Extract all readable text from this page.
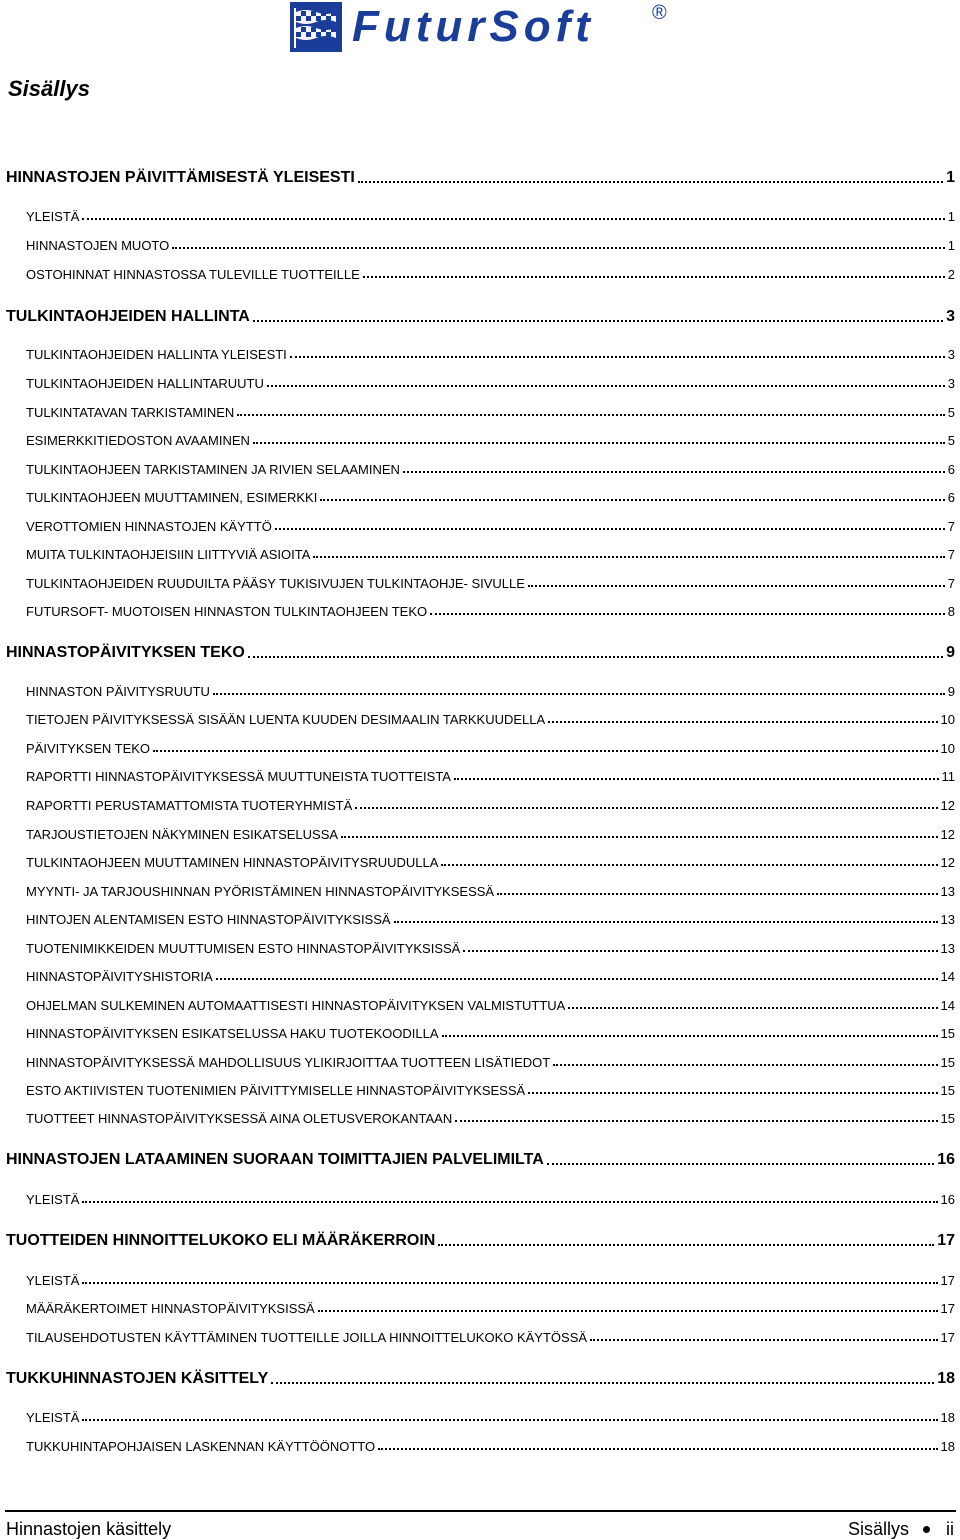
FuturSoft	®
Sisällys
HINNASTOJEN PÄIVITTÄMISESTÄ YLEISESTI	1
YLEISTÄ	1
HINNASTOJEN MUOTO	1
OSTOHINNAT HINNASTOSSA TULEVILLE TUOTTEILLE	2
TULKINTAOHJEIDEN HALLINTA	3
TULKINTAOHJEIDEN HALLINTA YLEISESTI	3
TULKINTAOHJEIDEN HALLINTARUUTU	3
TULKINTATAVAN TARKISTAMINEN	5
ESIMERKKITIEDOSTON AVAAMINEN	5
TULKINTAOHJEEN TARKISTAMINEN JA RIVIEN SELAAMINEN	6
TULKINTAOHJEEN MUUTTAMINEN, ESIMERKKI	6
VEROTTOMIEN HINNASTOJEN KÄYTTÖ	7
MUITA TULKINTAOHJEISIIN LIITTYVIÄ ASIOITA	7
TULKINTAOHJEIDEN RUUDUILTA PÄÄSY TUKISIVUJEN TULKINTAOHJE- SIVULLE	7
FUTURSOFT- MUOTOISEN HINNASTON TULKINTAOHJEEN TEKO	8
HINNASTOPÄIVITYKSEN TEKO	9
HINNASTON PÄIVITYSRUUTU	9
TIETOJEN PÄIVITYKSESSÄ SISÄÄN LUENTA KUUDEN DESIMAALIN TARKKUUDELLA	10
PÄIVITYKSEN TEKO	10
RAPORTTI HINNASTOPÄIVITYKSESSÄ MUUTTUNEISTA TUOTTEISTA	11
RAPORTTI PERUSTAMATTOMISTA TUOTERYHMISTÄ	12
TARJOUSTIETOJEN NÄKYMINEN ESIKATSELUSSA	12
TULKINTAOHJEEN MUUTTAMINEN HINNASTOPÄIVITYSRUUDULLA	12
MYYNTI- JA TARJOUSHINNAN PYÖRISTÄMINEN HINNASTOPÄIVITYKSESSÄ	13
HINTOJEN ALENTAMISEN ESTO HINNASTOPÄIVITYKSISSÄ	13
TUOTENIMIKKEIDEN MUUTTUMISEN ESTO HINNASTOPÄIVITYKSISSÄ	13
HINNASTOPÄIVITYSHISTORIA	14
OHJELMAN SULKEMINEN AUTOMAATTISESTI HINNASTOPÄIVITYKSEN VALMISTUTTUA	14
HINNASTOPÄIVITYKSEN ESIKATSELUSSA HAKU TUOTEKOODILLA	15
HINNASTOPÄIVITYKSESSÄ MAHDOLLISUUS YLIKIRJOITTAA TUOTTEEN LISÄTIEDOT	15
ESTO AKTIIVISTEN TUOTENIMIEN PÄIVITTYMISELLE HINNASTOPÄIVITYKSESSÄ	15
TUOTTEET HINNASTOPÄIVITYKSESSÄ AINA OLETUSVEROKANTAAN	15
HINNASTOJEN LATAAMINEN SUORAAN TOIMITTAJIEN PALVELIMILTA	16
YLEISTÄ	16
TUOTTEIDEN HINNOITTELUKOKO ELI MÄÄRÄKERROIN	17
YLEISTÄ	17
MÄÄRÄKERTOIMET HINNASTOPÄIVITYKSISSÄ	17
TILAUSEHDOTUSTEN KÄYTTÄMINEN TUOTTEILLE JOILLA HINNOITTELUKOKO KÄYTÖSSÄ	17
TUKKUHINNASTOJEN KÄSITTELY	18
YLEISTÄ	18
TUKKUHINTAPOHJAISEN LASKENNAN KÄYTTÖÖNOTTO	18
Hinnastojen käsittely	Sisällys ii
